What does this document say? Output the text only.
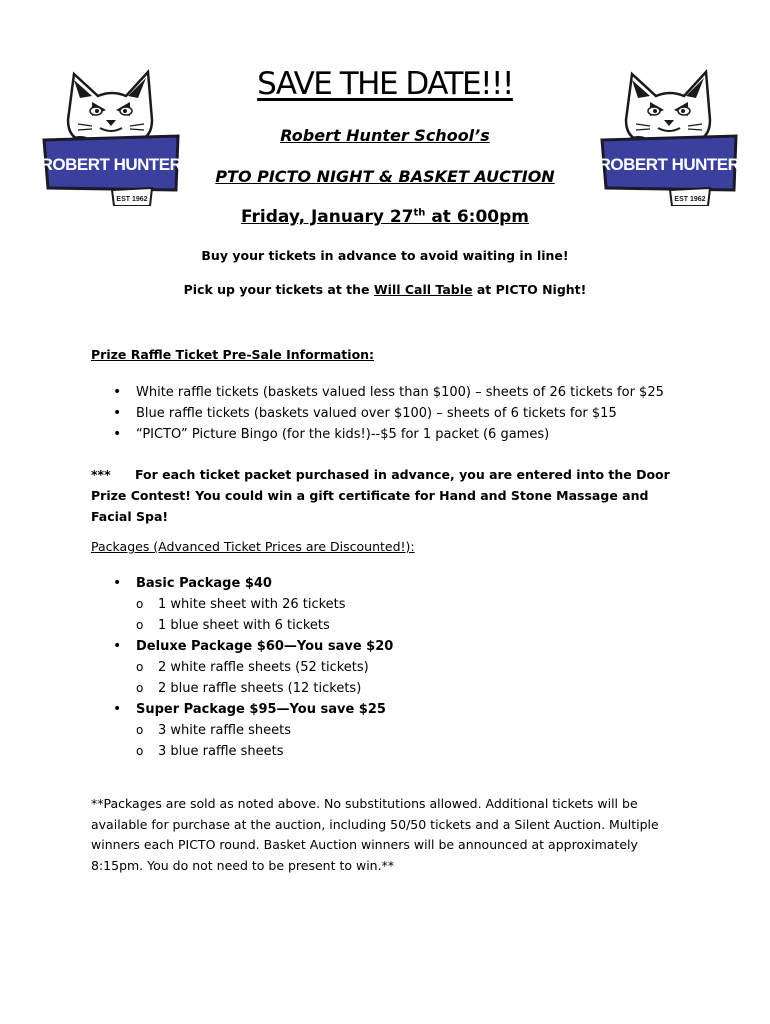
ROBERT HUNTER
EST 1962
ROBERT HUNTER
EST 1962
SAVE THE DATE!!!
Robert Hunter School’s
PTO PICTO NIGHT & BASKET AUCTION
Friday, January 27th at 6:00pm
Buy your tickets in advance to avoid waiting in line!
Pick up your tickets at the Will Call Table at PICTO Night!
Prize Raffle Ticket Pre-Sale Information:
• White raffle tickets (baskets valued less than $100) – sheets of 26 tickets for $25
• Blue raffle tickets (baskets valued over $100) – sheets of 6 tickets for $15
• “PICTO” Picture Bingo (for the kids!)--$5 for 1 packet (6 games)
*** For each ticket packet purchased in advance, you are entered into the Door Prize Contest! You could win a gift certificate for Hand and Stone Massage and Facial Spa!
Packages (Advanced Ticket Prices are Discounted!):
• Basic Package $40
o 1 white sheet with 26 tickets
o 1 blue sheet with 6 tickets
• Deluxe Package $60—You save $20
o 2 white raffle sheets (52 tickets)
o 2 blue raffle sheets (12 tickets)
• Super Package $95—You save $25
o 3 white raffle sheets
o 3 blue raffle sheets
**Packages are sold as noted above. No substitutions allowed. Additional tickets will be
available for purchase at the auction, including 50/50 tickets and a Silent Auction. Multiple
winners each PICTO round. Basket Auction winners will be announced at approximately
8:15pm. You do not need to be present to win.**
